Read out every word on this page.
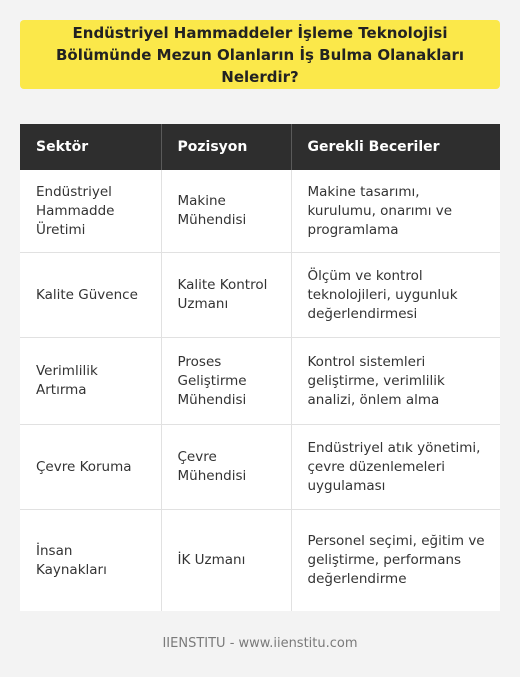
Endüstriyel Hammaddeler İşleme Teknolojisi Bölümünde Mezun Olanların İş Bulma Olanakları Nelerdir?
Sektör	Pozisyon	Gerekli Beceriler
Endüstriyel Hammadde Üretimi	Makine Mühendisi	Makine tasarımı, kurulumu, onarımı ve programlama
Kalite Güvence	Kalite Kontrol Uzmanı	Ölçüm ve kontrol teknolojileri, uygunluk değerlendirmesi
Verimlilik Artırma	Proses Geliştirme Mühendisi	Kontrol sistemleri geliştirme, verimlilik analizi, önlem alma
Çevre Koruma	Çevre Mühendisi	Endüstriyel atık yönetimi, çevre düzenlemeleri uygulaması
İnsan Kaynakları	İK Uzmanı	Personel seçimi, eğitim ve geliştirme, performans değerlendirme
IIENSTITU - www.iienstitu.com
